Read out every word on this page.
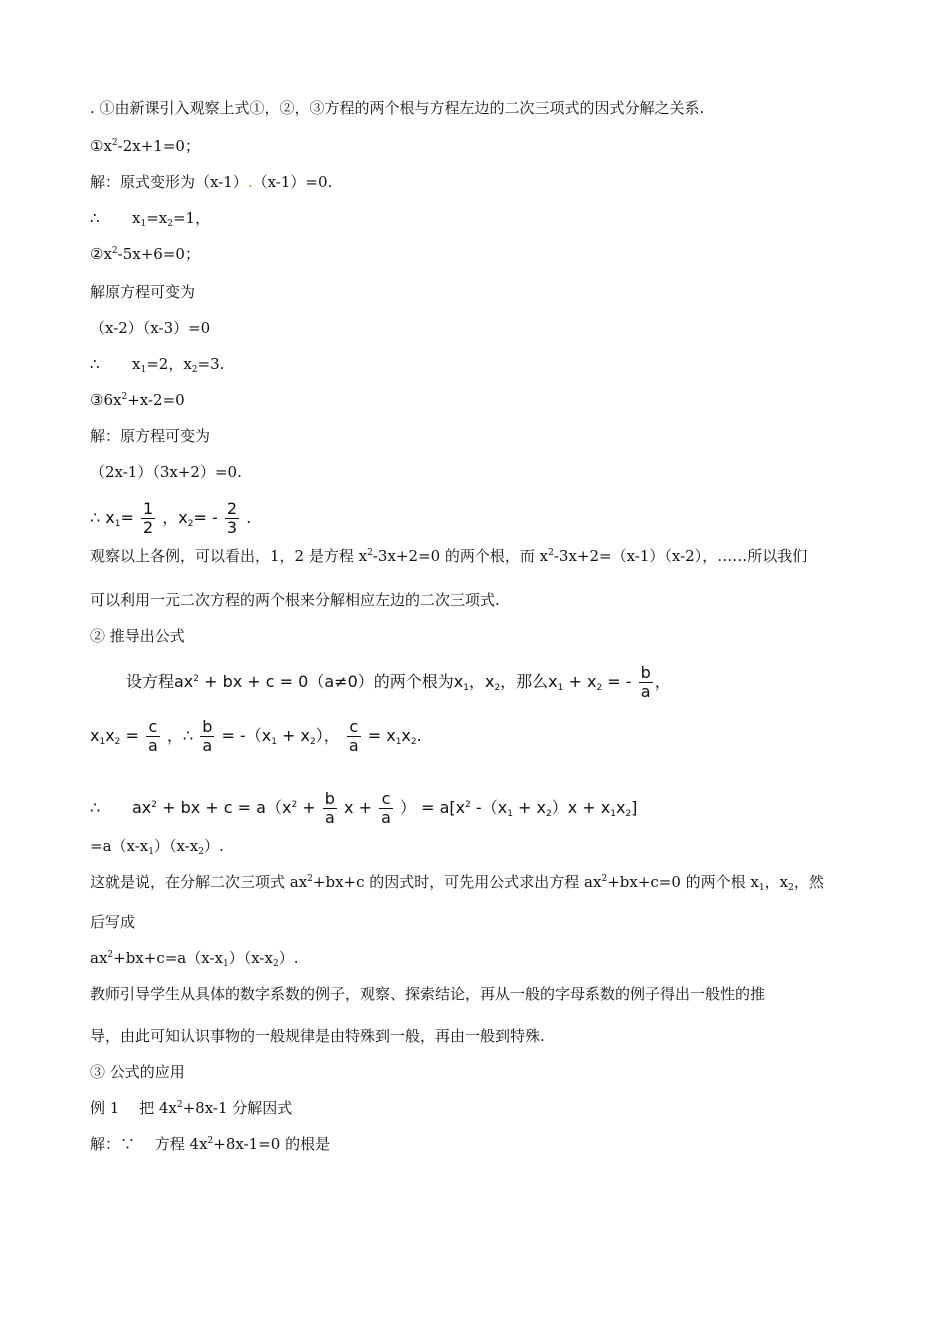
. ①由新课引入观察上式①，②，③方程的两个根与方程左边的二次三项式的因式分解之关系.
$①x^2-2x+1=0$；
解：原式变形为（x-1）.（x-1）=0.
∴ $x_1=x_2=1$，
$②x^2-5x+6=0$；
解原方程可变为
（x-2）（x-3）=0
∴ $x_1=2$，$x_2=3$.
$③6x^2+x-2=0$
解：原方程可变为
（2x-1）（3x+2）=0.
∴ $x_1= \frac{1}{2}$ ，$x_2= - \frac{2}{3}$ .
观察以上各例，可以看出，1，2 是方程 $x^2-3x+2=0$ 的两个根，而 $x^2-3x+2=(x-1)(x-2)$，……所以我们
可以利用一元二次方程的两个根来分解相应左边的二次三项式.
② 推导出公式
设方程$ax^2$ + bx + c = 0（a≠0）的两个根为$x_1$，$x_2$，那么$x_1 + x_2$ = - $\frac{b}{a}$ ，
$x_1x_2 = \frac{c}{a}$ ，∴ $\frac{b}{a} = -(x_1 + x_2)$， $\frac{c}{a} = x_1x_2$.
∴ $ax^2$ + bx + $c = a(x^2 + \frac{b}{a}$ $x + \frac{c}{a}$ ） = $a[x^2$ $-(x_1 + x_2)x + x_1x_2$]
$=a(x-x_1)(x-x_2)$.
这就是说，在分解二次三项式 $ax^2+bx+c$ 的因式时，可先用公式求出方程 $ax^2+bx+c=0$ 的两个根 $x_1$，$x_2$，然
后写成
$ax^2+bx+c=a(x-x_1)(x-x_2)$.
教师引导学生从具体的数字系数的例子，观察、探索结论，再从一般的字母系数的例子得出一般性的推
导，由此可知认识事物的一般规律是由特殊到一般，再由一般到特殊.
③ 公式的应用
例 1　 把 $4x^2+8x-1$ 分解因式
解：∵　 方程 $4x^2+8x-1=0$ 的根是
